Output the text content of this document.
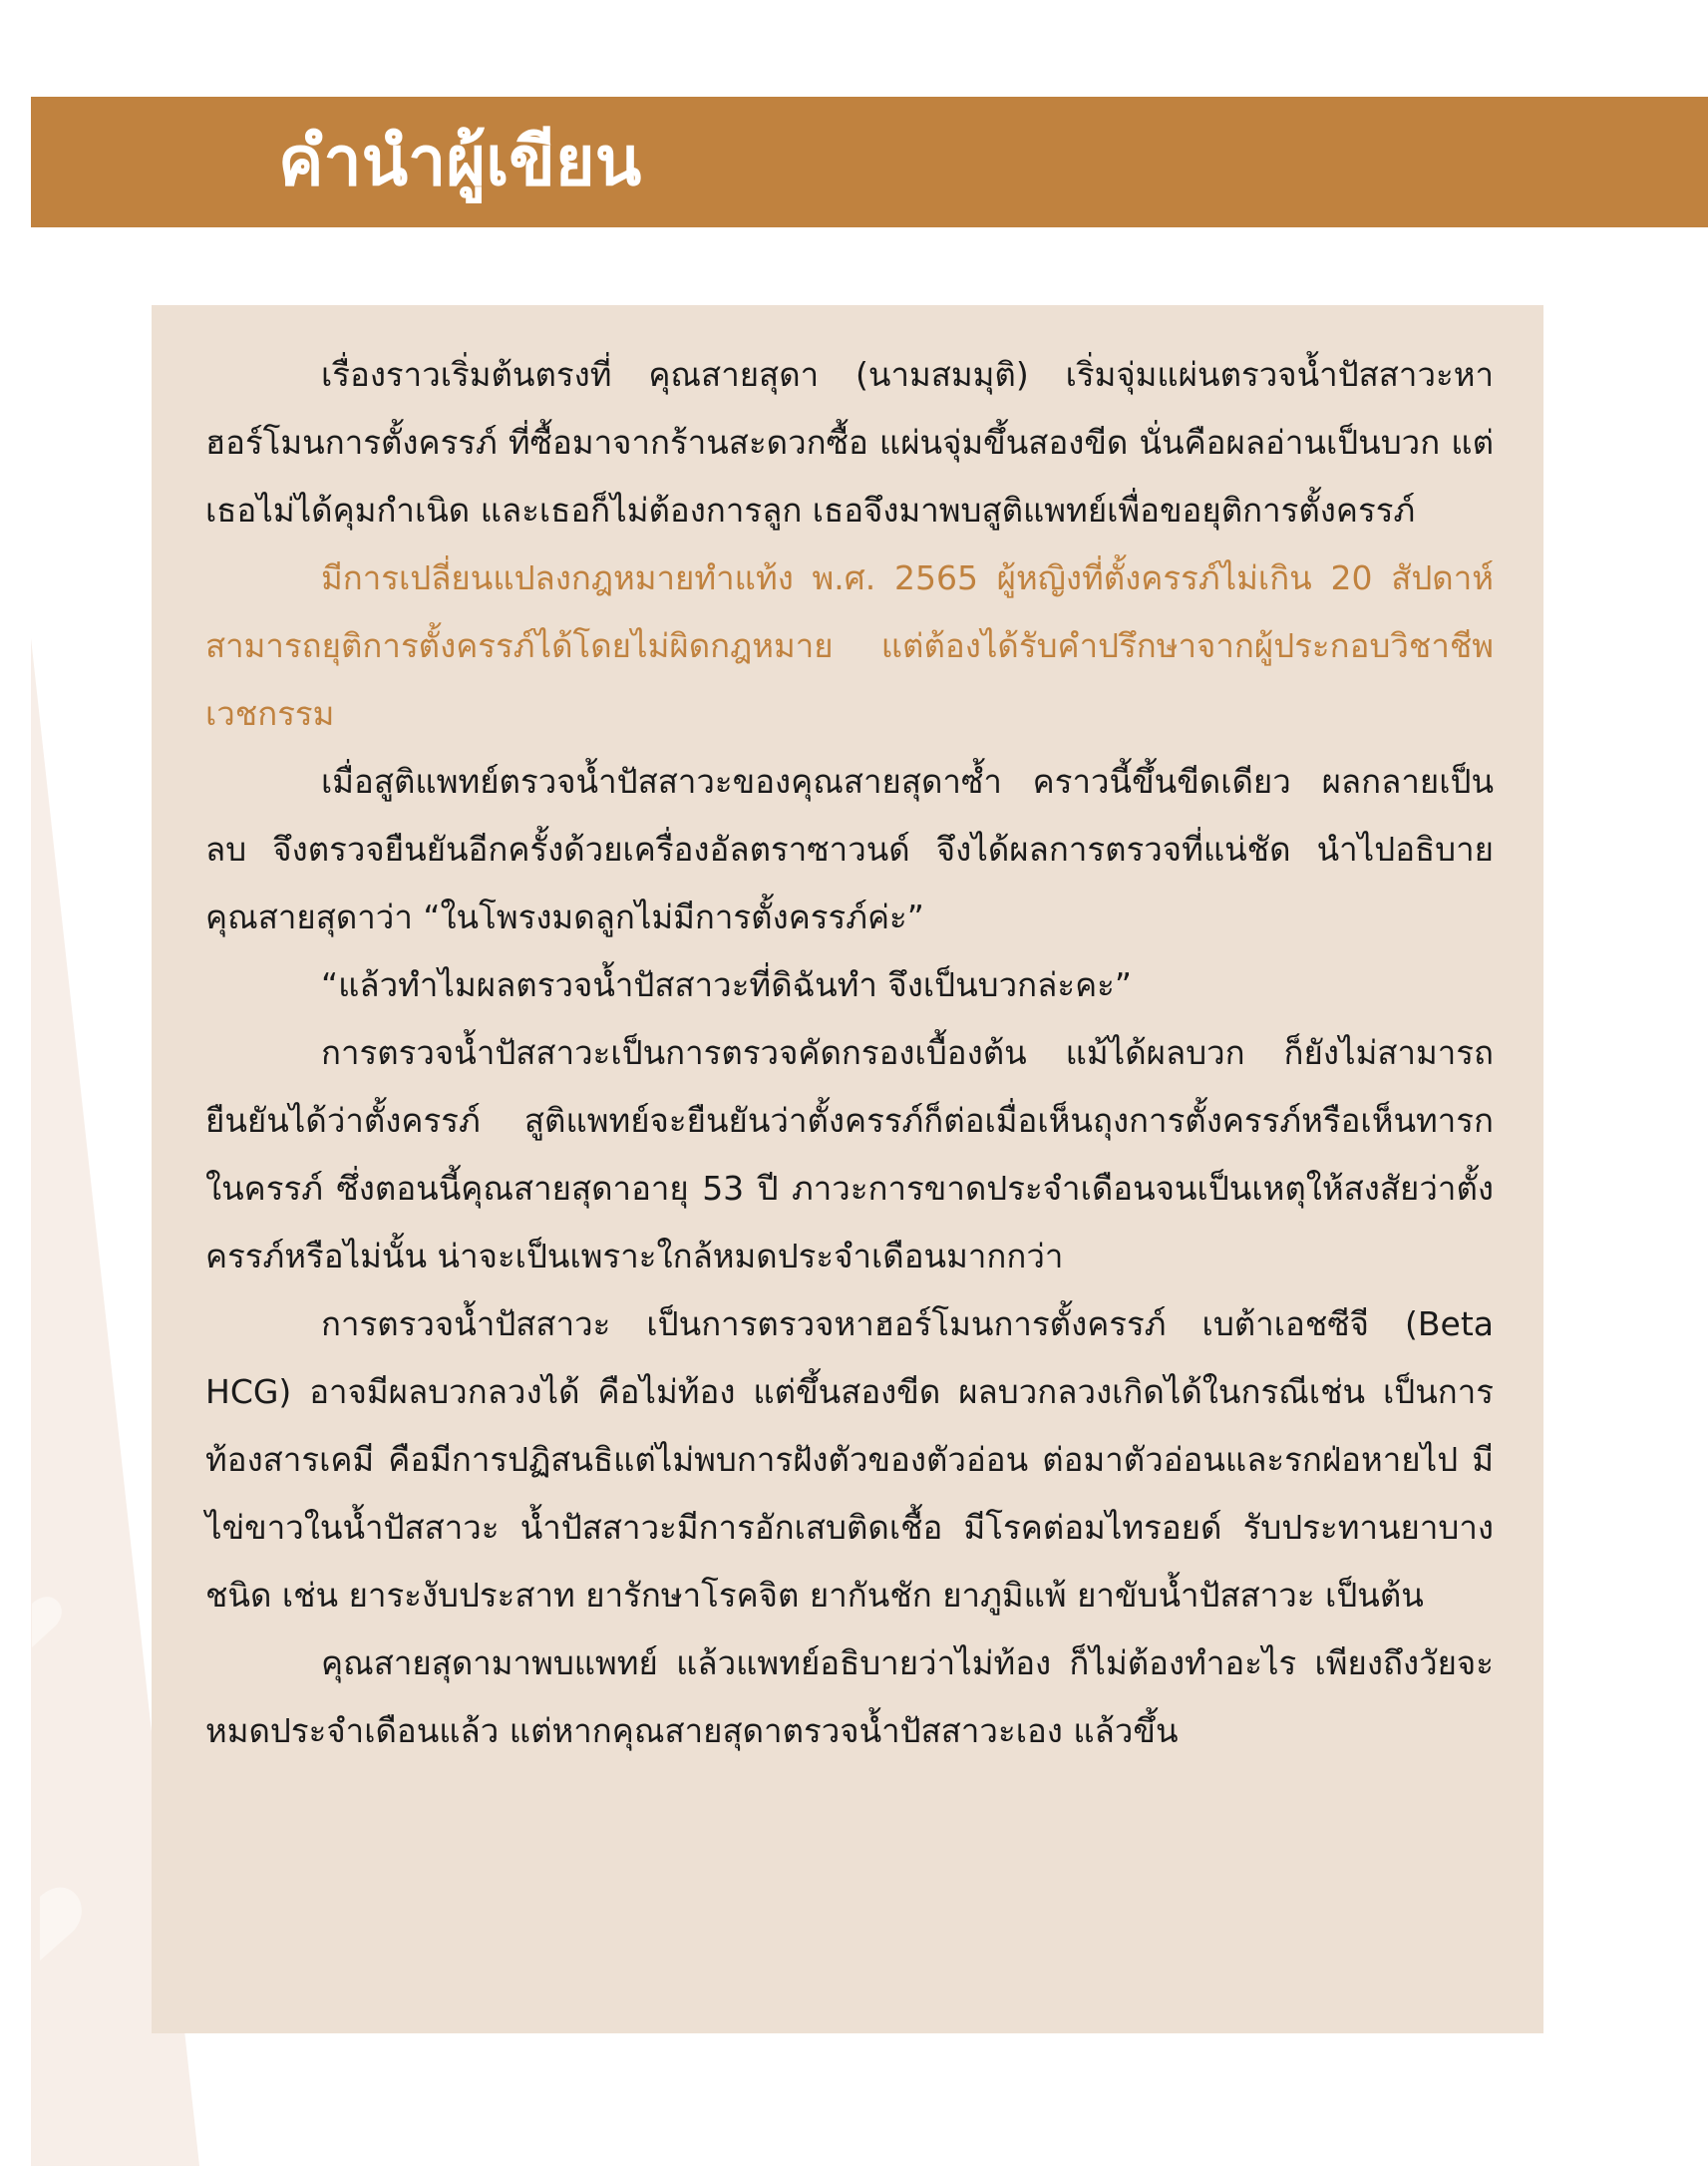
คำนำผู้เขียน

เรื่องราวเริ่มต้นตรงที่ คุณสายสุดา (นามสมมุติ) เริ่มจุ่มแผ่นตรวจน้ำปัสสาวะหาฮอร์โมนการตั้งครรภ์ ที่ซื้อมาจากร้านสะดวกซื้อ แผ่นจุ่มขึ้นสองขีด นั่นคือผลอ่านเป็นบวก แต่เธอไม่ได้คุมกำเนิด และเธอก็ไม่ต้องการลูก เธอจึงมาพบสูติแพทย์เพื่อขอยุติการตั้งครรภ์

มีการเปลี่ยนแปลงกฎหมายทำแท้ง พ.ศ. 2565 ผู้หญิงที่ตั้งครรภ์ไม่เกิน 20 สัปดาห์ สามารถยุติการตั้งครรภ์ได้โดยไม่ผิดกฎหมาย แต่ต้องได้รับคำปรึกษาจากผู้ประกอบวิชาชีพเวชกรรม

เมื่อสูติแพทย์ตรวจน้ำปัสสาวะของคุณสายสุดาซ้ำ คราวนี้ขึ้นขีดเดียว ผลกลายเป็นลบ จึงตรวจยืนยันอีกครั้งด้วยเครื่องอัลตราซาวนด์ จึงได้ผลการตรวจที่แน่ชัด นำไปอธิบายคุณสายสุดาว่า “ในโพรงมดลูกไม่มีการตั้งครรภ์ค่ะ”

“แล้วทำไมผลตรวจน้ำปัสสาวะที่ดิฉันทำ จึงเป็นบวกล่ะคะ”

การตรวจน้ำปัสสาวะเป็นการตรวจคัดกรองเบื้องต้น แม้ได้ผลบวก ก็ยังไม่สามารถยืนยันได้ว่าตั้งครรภ์ สูติแพทย์จะยืนยันว่าตั้งครรภ์ก็ต่อเมื่อเห็นถุงการตั้งครรภ์หรือเห็นทารกในครรภ์ ซึ่งตอนนี้คุณสายสุดาอายุ 53 ปี ภาวะการขาดประจำเดือนจนเป็นเหตุให้สงสัยว่าตั้งครรภ์หรือไม่นั้น น่าจะเป็นเพราะใกล้หมดประจำเดือนมากกว่า

การตรวจน้ำปัสสาวะ เป็นการตรวจหาฮอร์โมนการตั้งครรภ์ เบต้าเอชซีจี (Beta HCG) อาจมีผลบวกลวงได้ คือไม่ท้อง แต่ขึ้นสองขีด ผลบวกลวงเกิดได้ในกรณีเช่น เป็นการท้องสารเคมี คือมีการปฏิสนธิแต่ไม่พบการฝังตัวของตัวอ่อน ต่อมาตัวอ่อนและรกฝ่อหายไป มีไข่ขาวในน้ำปัสสาวะ น้ำปัสสาวะมีการอักเสบติดเชื้อ มีโรคต่อมไทรอยด์ รับประทานยาบางชนิด เช่น ยาระงับประสาท ยารักษาโรคจิต ยากันชัก ยาภูมิแพ้ ยาขับน้ำปัสสาวะ เป็นต้น

คุณสายสุดามาพบแพทย์ แล้วแพทย์อธิบายว่าไม่ท้อง ก็ไม่ต้องทำอะไร เพียงถึงวัยจะหมดประจำเดือนแล้ว แต่หากคุณสายสุดาตรวจน้ำปัสสาวะเอง แล้วขึ้น
